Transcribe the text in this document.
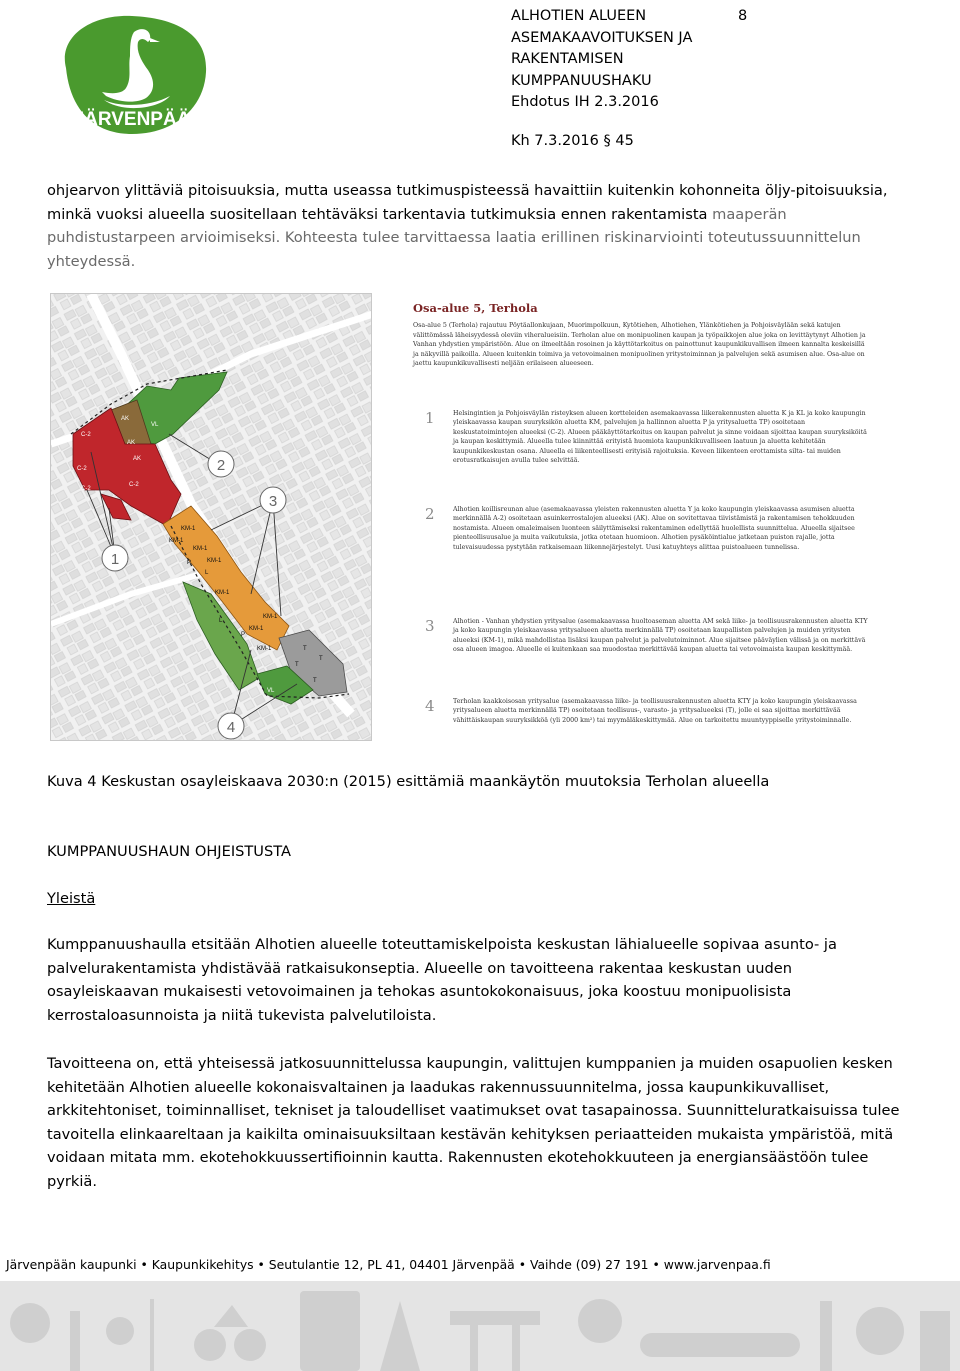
JÄRVENPÄÄ
ALHOTIEN ALUEEN
ASEMAKAAVOITUKSEN JA
RAKENTAMISEN
KUMPPANUUSHAKU
Ehdotus IH 2.3.2016
8
Kh 7.3.2016 § 45
ohjearvon ylittäviä pitoisuuksia, mutta useassa tutkimuspisteessä havaittiin kuitenkin kohonneita öljy-pitoisuuksia, minkä vuoksi alueella suositellaan tehtäväksi tarkentavia tutkimuksia ennen rakentamista maaperän puhdistustarpeen arvioimiseksi. Kohteesta tulee tarvittaessa laatia erillinen riskinarviointi toteutussuunnittelun yhteydessä.
1
2
3
4
AK
AK
AK
VL
C-2
C-2
C-2
C-2
KM-1
KM-1
KM-1
KM-1
KM-1
KM-1
KM-1
KM-1
P
P
L
L
T
T
T
T
VL
Osa-alue 5, Terhola
Osa-alue 5 (Terhola) rajautuu Pöytäallonkujaan, Muorimpolkuun, Kytötiehen, Alhotiehen, Ylänkötiehen ja Pohjoisväylään sekä katujen välittömässä läheisyydessä oleviin viheralueisiin. Terholan alue on monipuolinen kaupan ja työpaikkojen alue joka on levittäytynyt Alhotien ja Vanhan yhdystien ympäristöön. Alue on ilmeeltään rosoinen ja käyttötarkoitus on painottunut kaupunkikuvallisen ilmeen kannalta keskeisillä ja näkyvillä paikoilla. Alueen kuitenkin toimiva ja vetovoimainen monipuolinen yritystoiminnan ja palvelujen sekä asumisen alue. Osa-alue on jaettu kaupunkikuvallisesti neljään erilaiseen alueeseen.
1	Helsingintien ja Pohjoisväylän risteyksen alueen kortteleiden asemakaavassa liikerakennusten aluetta K ja KL ja koko kaupungin yleiskaavassa kaupan suuryksikön aluetta KM, palvelujen ja hallinnon aluetta P ja yritysaluetta TP) osoitetaan keskustatoimintojen alueeksi (C-2). Alueen pääkäyttötarkoitus on kaupan palvelut ja sinne voidaan sijoittaa kaupan suuryksiköitä ja kaupan keskittymiä. Alueella tulee kiinnittää erityistä huomiota kaupunkikuvalliseen laatuun ja aluetta kehitetään kaupunkikeskustan osana. Alueella ei liikenteellisesti erityisiä rajoituksia. Keveen liikenteen erottamista silta- tai muiden erotusratkaisujen avulla tulee selvittää.
2	Alhotien koillisreunan alue (asemakaavassa yleisten rakennusten aluetta Y ja koko kaupungin yleiskaavassa asumisen aluetta merkinnällä A-2) osoitetaan asuinkerrostalojen alueeksi (AK). Alue on sovitettavaa tiivistämistä ja rakentamisen tehokkuuden nostamista. Alueen omaleimaisen luonteen säilyttämiseksi rakentaminen edellyttää huolellista suunnittelua. Alueella sijaitsee pienteollisuusalue ja muita vaikutuksia, jotka otetaan huomioon. Alhotien pysäköintialue jatketaan puiston rajalle, jotta tulevaisuudessa pystytään ratkaisemaan liikennejärjestelyt. Uusi katuyhteys alittaa puistoalueen tunnelissa.
3	Alhotien - Vanhan yhdystien yritysalue (asemakaavassa huoltoaseman aluetta AM sekä liike- ja teollisuusrakennusten aluetta KTY ja koko kaupungin yleiskaavassa yritysalueen aluetta merkinnällä TP) osoitetaan kaupallisten palvelujen ja muiden yritysten alueeksi (KM-1), mikä mahdollistaa lisäksi kaupan palvelut ja palvelutoiminnot. Alue sijaitsee pääväylien välissä ja on merkittävä osa alueen imagoa. Alueelle ei kuitenkaan saa muodostaa merkittävää kaupan aluetta tai vetovoimaista kaupan keskittymää.
4	Terholan kaakkoisosan yritysalue (asemakaavassa liike- ja teollisuusrakennusten aluetta KTY ja koko kaupungin yleiskaavassa yritysalueen aluetta merkinnällä TP) osoitetaan teollisuus-, varasto- ja yritysalueeksi (T), jolle ei saa sijoittaa merkittävää vähittäiskaupan suuryksikköä (yli 2000 km²) tai myymäläkeskittymää. Alue on tarkoitettu muuntyyppiselle yritystoiminnalle.
Kuva 4 Keskustan osayleiskaava 2030:n (2015) esittämiä maankäytön muutoksia Terholan alueella
KUMPPANUUSHAUN OHJEISTUSTA
Yleistä
Kumppanuushaulla etsitään Alhotien alueelle toteuttamiskelpoista keskustan lähialueelle sopivaa asunto- ja palvelurakentamista yhdistävää ratkaisukonseptia. Alueelle on tavoitteena rakentaa keskustan uuden osayleiskaavan mukaisesti vetovoimainen ja tehokas asuntokokonaisuus, joka koostuu monipuolisista kerrostaloasunnoista ja niitä tukevista palvelutiloista.
Tavoitteena on, että yhteisessä jatkosuunnittelussa kaupungin, valittujen kumppanien ja muiden osapuolien kesken kehitetään Alhotien alueelle kokonaisvaltainen ja laadukas rakennussuunnitelma, jossa kaupunkikuvalliset, arkkitehtoniset, toiminnalliset, tekniset ja taloudelliset vaatimukset ovat tasapainossa. Suunnitteluratkaisuissa tulee tavoitella elinkaareltaan ja kaikilta ominaisuuksiltaan kestävän kehityksen periaatteiden mukaista ympäristöä, mitä voidaan mitata mm. ekotehokkuussertifioinnin kautta. Rakennusten ekotehokkuuteen ja energiansäästöön tulee pyrkiä.
Järvenpään kaupunki • Kaupunkikehitys • Seutulantie 12, PL 41, 04401 Järvenpää • Vaihde (09) 27 191 • www.jarvenpaa.fi
